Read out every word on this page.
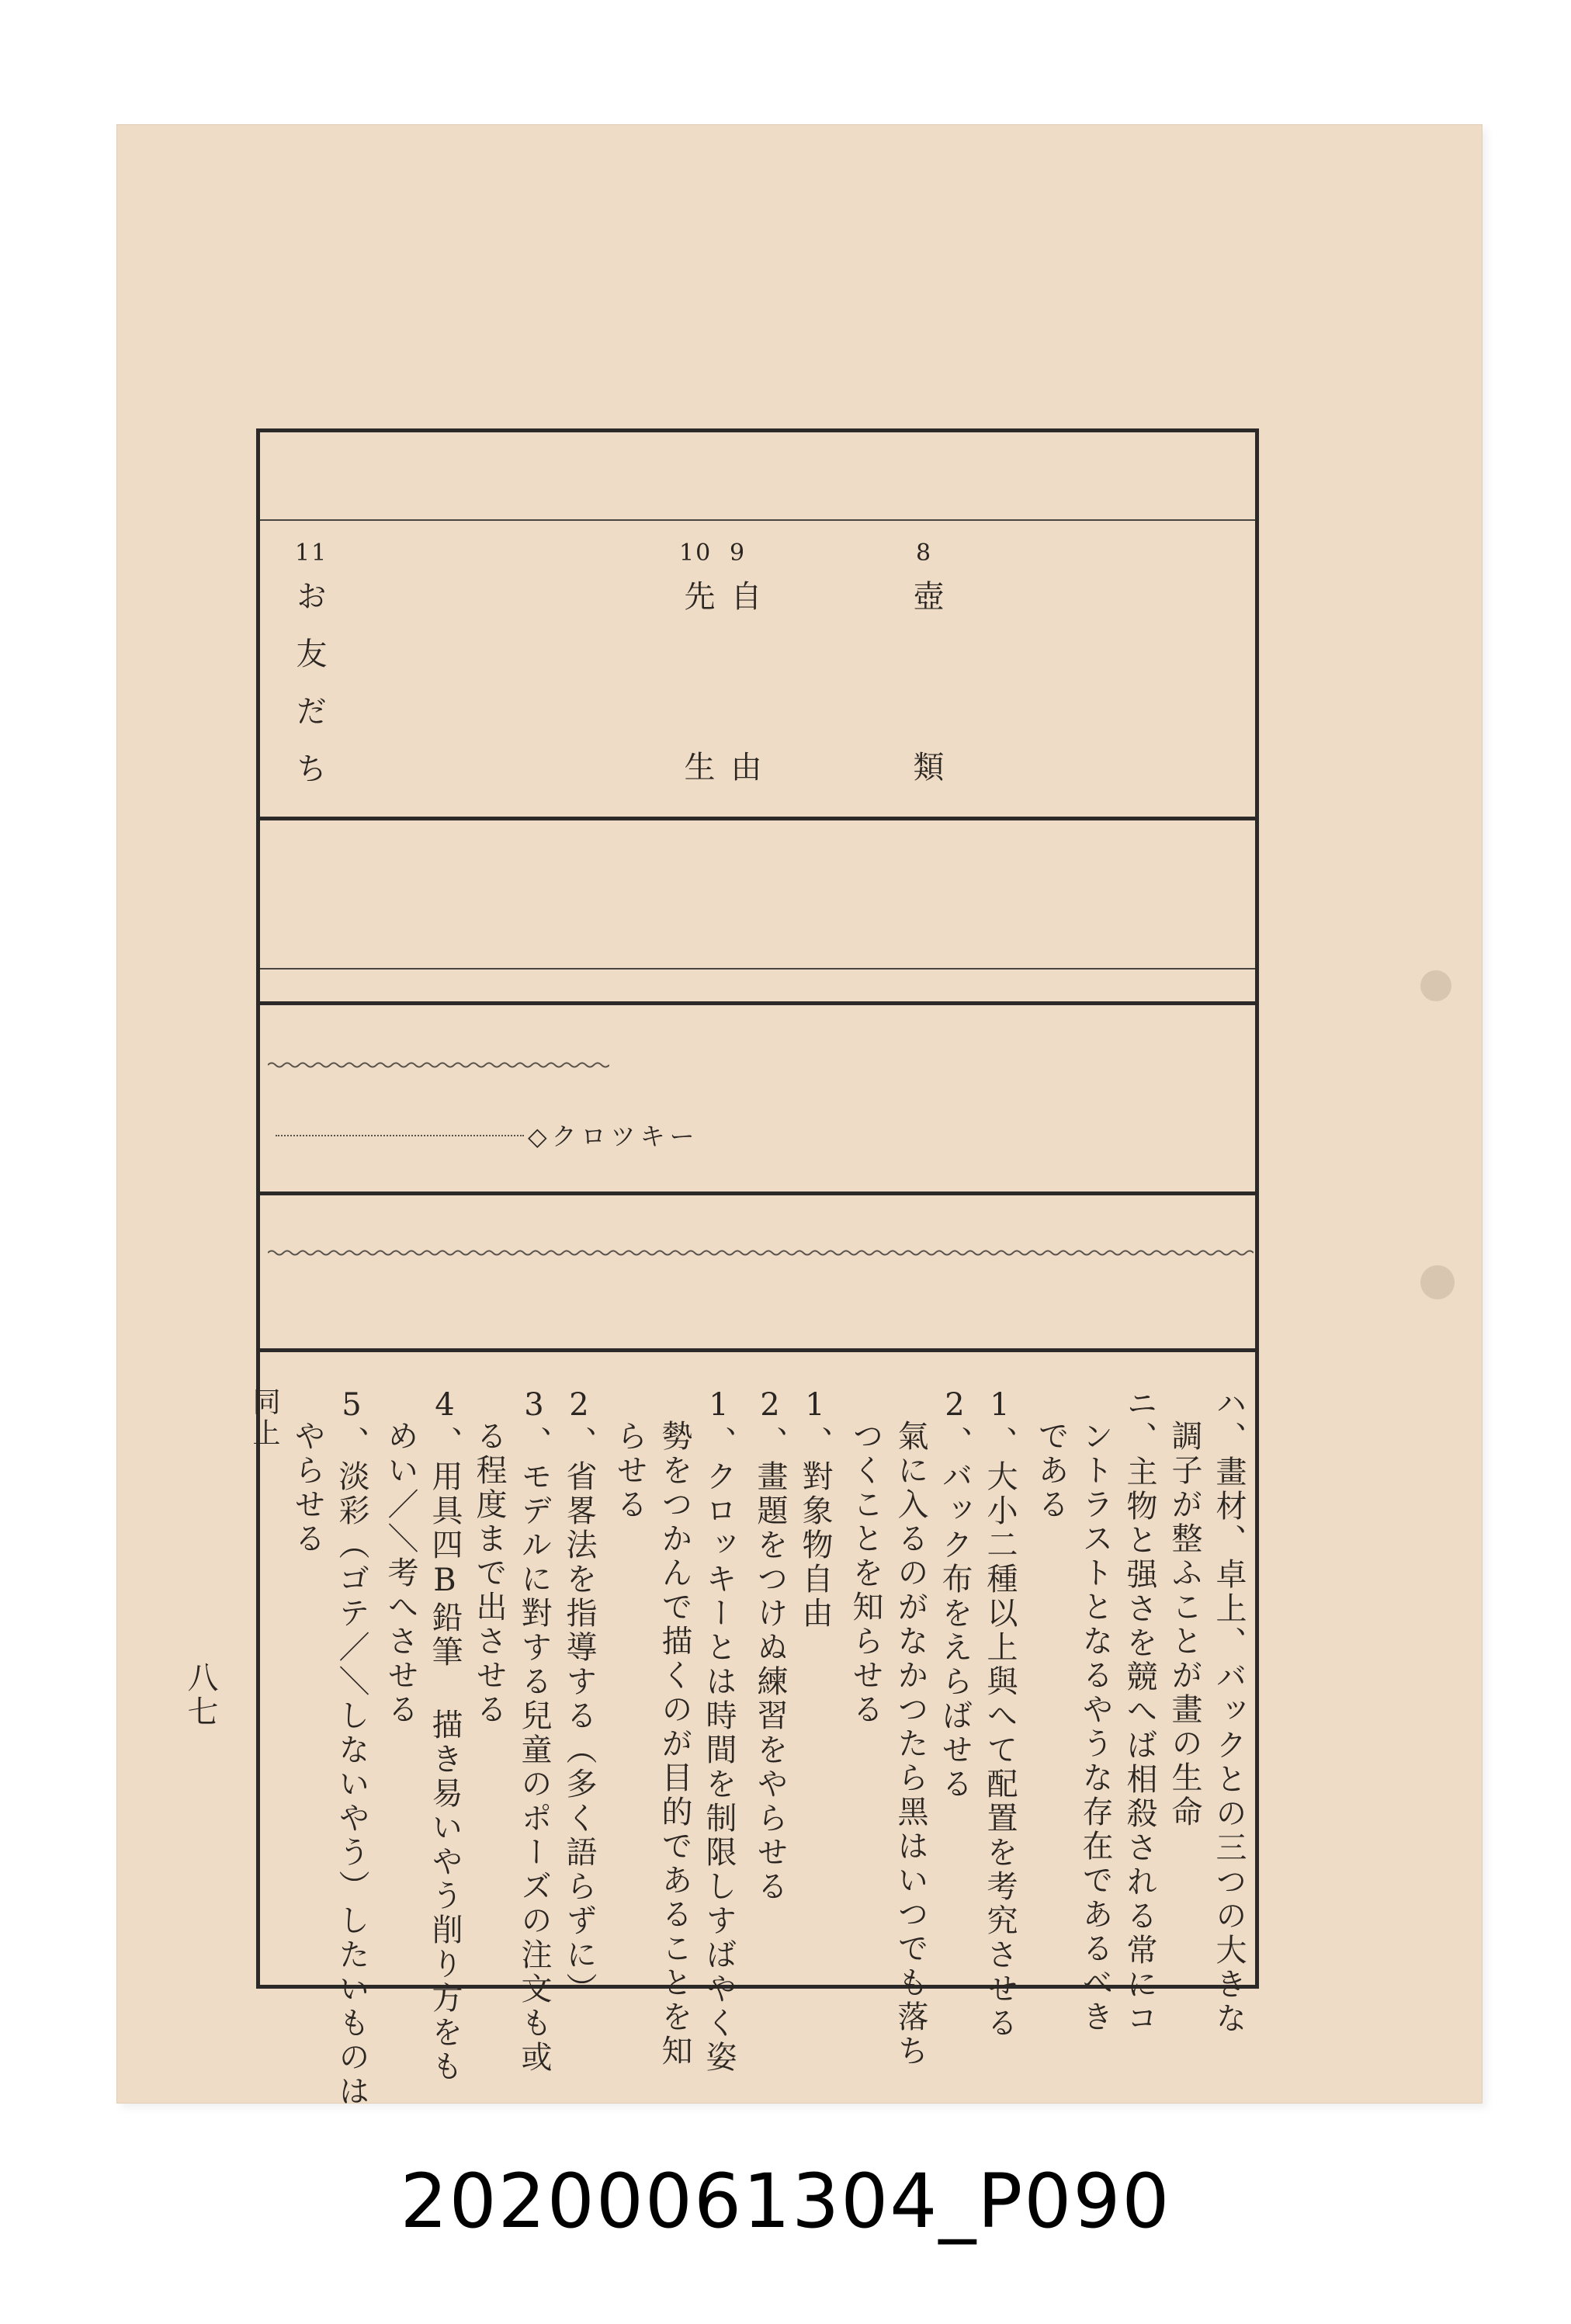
◇クロツキー
11
お友だち
10
先生
9
自由
8
壺類
ハ、畫材、卓上、バックとの三つの大きな
調子が整ふことが畫の生命
ニ、主物と强さを競へば相殺される常にコ
ントラストとなるやうな存在であるべき
である
1、大小二種以上與へて配置を考究させる
2、バック布をえらばせる
氣に入るのがなかつたら黑はいつでも落ち
つくことを知らせる
1、對象物自由
2、畫題をつけぬ練習をやらせる
1、クロッキーとは時間を制限しすばやく姿
勢をつかんで描くのが目的であることを知
らせる
2、省畧法を指導する（多く語らずに）
3、モデルに對する兒童のポーズの注文も或
る程度まで出させる
4、用具四B鉛筆 描き易いやう削り方をも
めい／＼考へさせる
5、淡彩（ゴテ／＼しないやう）したいものは
やらせる
同上
八七
20200061304_P090
